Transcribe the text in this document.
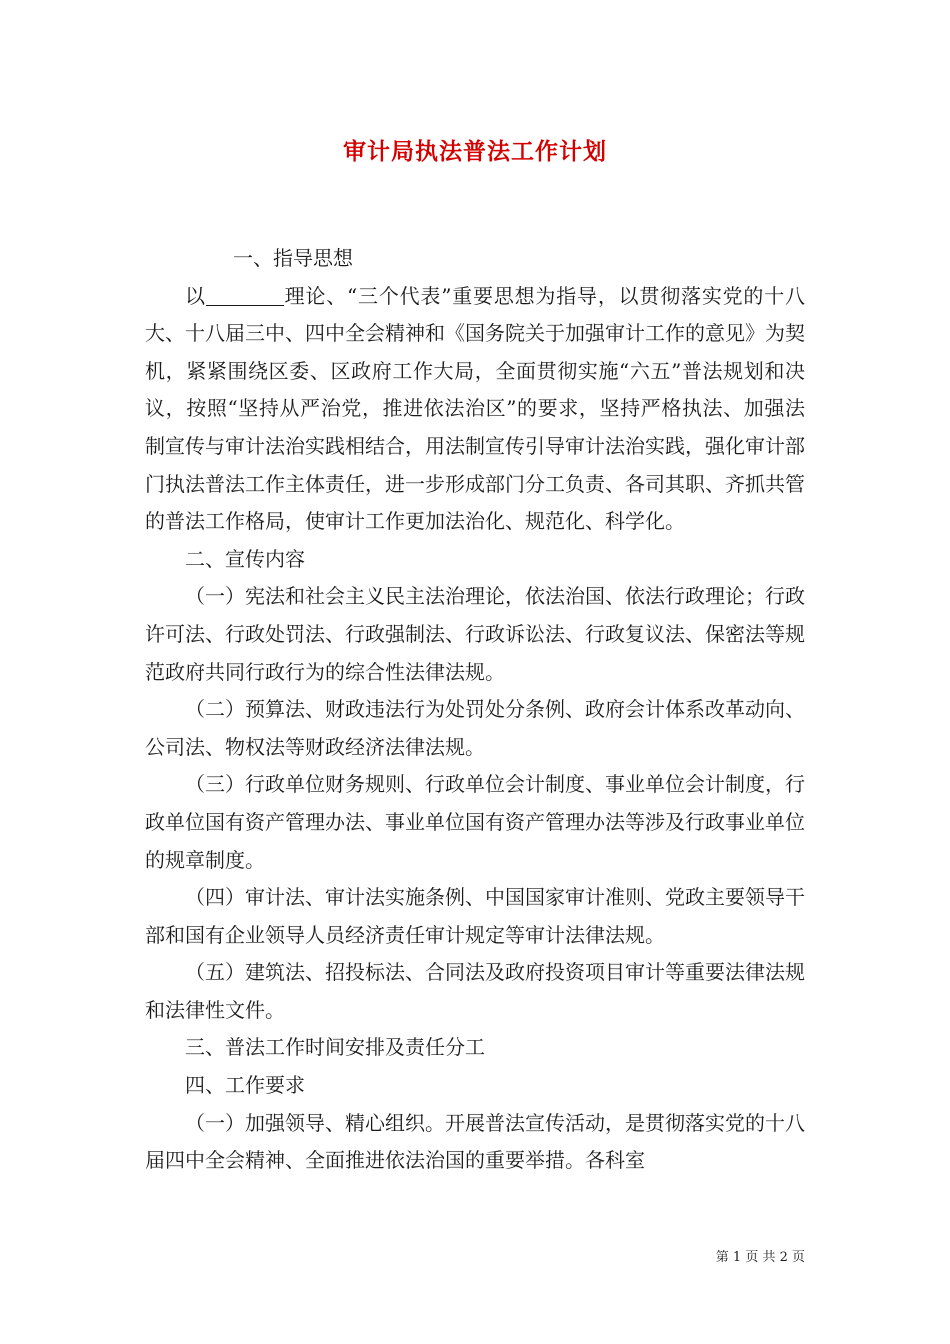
审计局执法普法工作计划

一、指导思想

以	理论、“三个代表”重要思想为指导，以贯彻落实党的十八大、十八届三中、四中全会精神和《国务院关于加强审计工作的意见》为契机，紧紧围绕区委、区政府工作大局，全面贯彻实施“六五”普法规划和决议，按照“坚持从严治党，推进依法治区”的要求，坚持严格执法、加强法制宣传与审计法治实践相结合，用法制宣传引导审计法治实践，强化审计部门执法普法工作主体责任，进一步形成部门分工负责、各司其职、齐抓共管的普法工作格局，使审计工作更加法治化、规范化、科学化。

二、宣传内容

（一）宪法和社会主义民主法治理论，依法治国、依法行政理论；行政许可法、行政处罚法、行政强制法、行政诉讼法、行政复议法、保密法等规范政府共同行政行为的综合性法律法规。

（二）预算法、财政违法行为处罚处分条例、政府会计体系改革动向、公司法、物权法等财政经济法律法规。

（三）行政单位财务规则、行政单位会计制度、事业单位会计制度，行政单位国有资产管理办法、事业单位国有资产管理办法等涉及行政事业单位的规章制度。

（四）审计法、审计法实施条例、中国国家审计准则、党政主要领导干部和国有企业领导人员经济责任审计规定等审计法律法规。

（五）建筑法、招投标法、合同法及政府投资项目审计等重要法律法规和法律性文件。

三、普法工作时间安排及责任分工

四、工作要求

（一）加强领导、精心组织。开展普法宣传活动，是贯彻落实党的十八届四中全会精神、全面推进依法治国的重要举措。各科室

第 1 页 共 2 页
